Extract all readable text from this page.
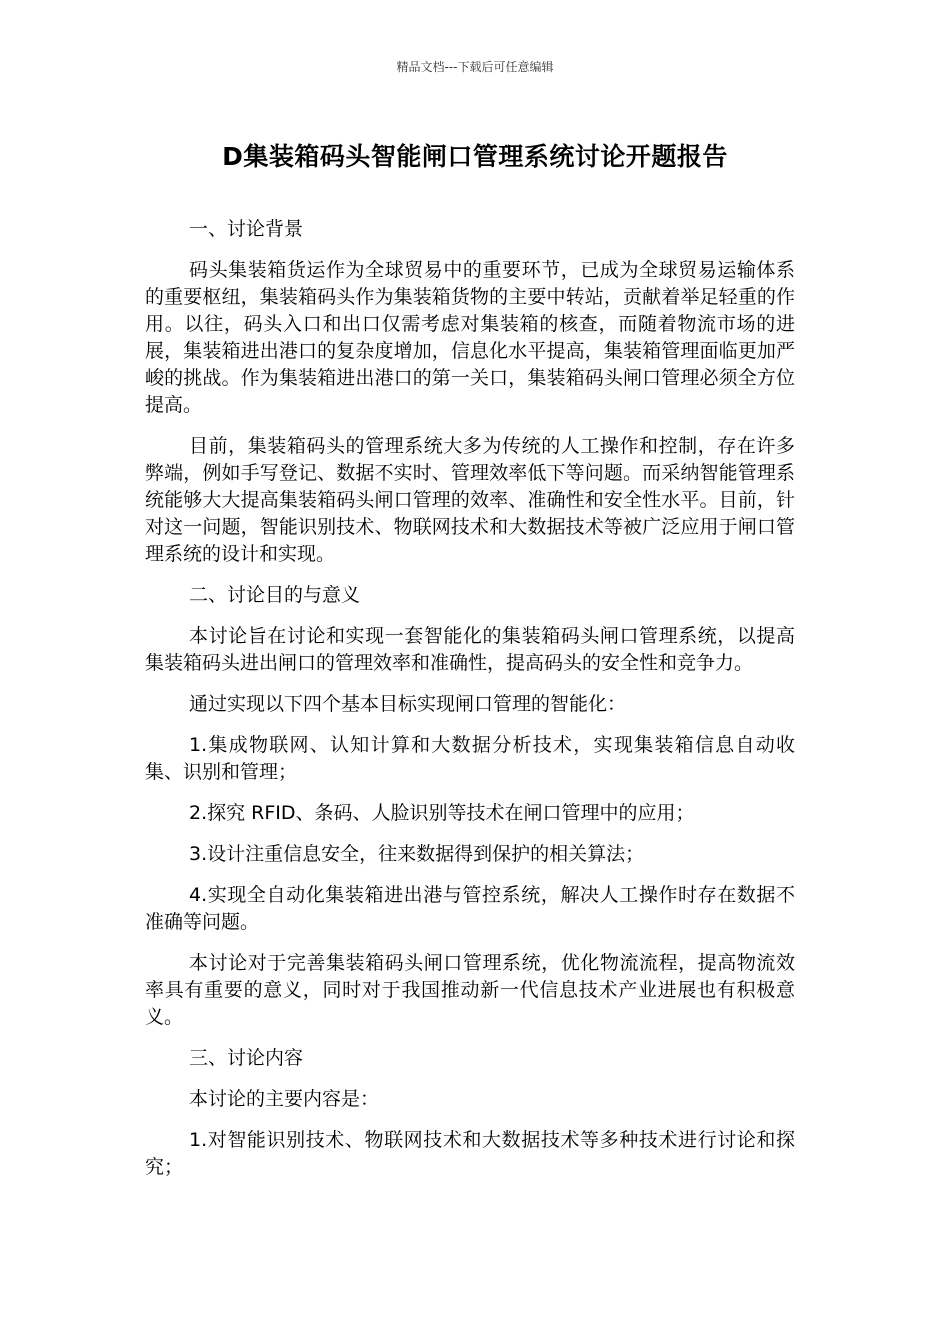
精品文档---下载后可任意编辑
D集装箱码头智能闸口管理系统讨论开题报告

一、讨论背景

码头集装箱货运作为全球贸易中的重要环节，已成为全球贸易运输体系的重要枢纽，集装箱码头作为集装箱货物的主要中转站，贡献着举足轻重的作用。以往，码头入口和出口仅需考虑对集装箱的核查，而随着物流市场的进展，集装箱进出港口的复杂度增加，信息化水平提高，集装箱管理面临更加严峻的挑战。作为集装箱进出港口的第一关口，集装箱码头闸口管理必须全方位提高。

目前，集装箱码头的管理系统大多为传统的人工操作和控制，存在许多弊端，例如手写登记、数据不实时、管理效率低下等问题。而采纳智能管理系统能够大大提高集装箱码头闸口管理的效率、准确性和安全性水平。目前，针对这一问题，智能识别技术、物联网技术和大数据技术等被广泛应用于闸口管理系统的设计和实现。

二、讨论目的与意义

本讨论旨在讨论和实现一套智能化的集装箱码头闸口管理系统，以提高集装箱码头进出闸口的管理效率和准确性，提高码头的安全性和竞争力。

通过实现以下四个基本目标实现闸口管理的智能化：

1.集成物联网、认知计算和大数据分析技术，实现集装箱信息自动收集、识别和管理；

2.探究 RFID、条码、人脸识别等技术在闸口管理中的应用；

3.设计注重信息安全，往来数据得到保护的相关算法；

4.实现全自动化集装箱进出港与管控系统，解决人工操作时存在数据不准确等问题。

本讨论对于完善集装箱码头闸口管理系统，优化物流流程，提高物流效率具有重要的意义，同时对于我国推动新一代信息技术产业进展也有积极意义。

三、讨论内容

本讨论的主要内容是：

1.对智能识别技术、物联网技术和大数据技术等多种技术进行讨论和探究；
